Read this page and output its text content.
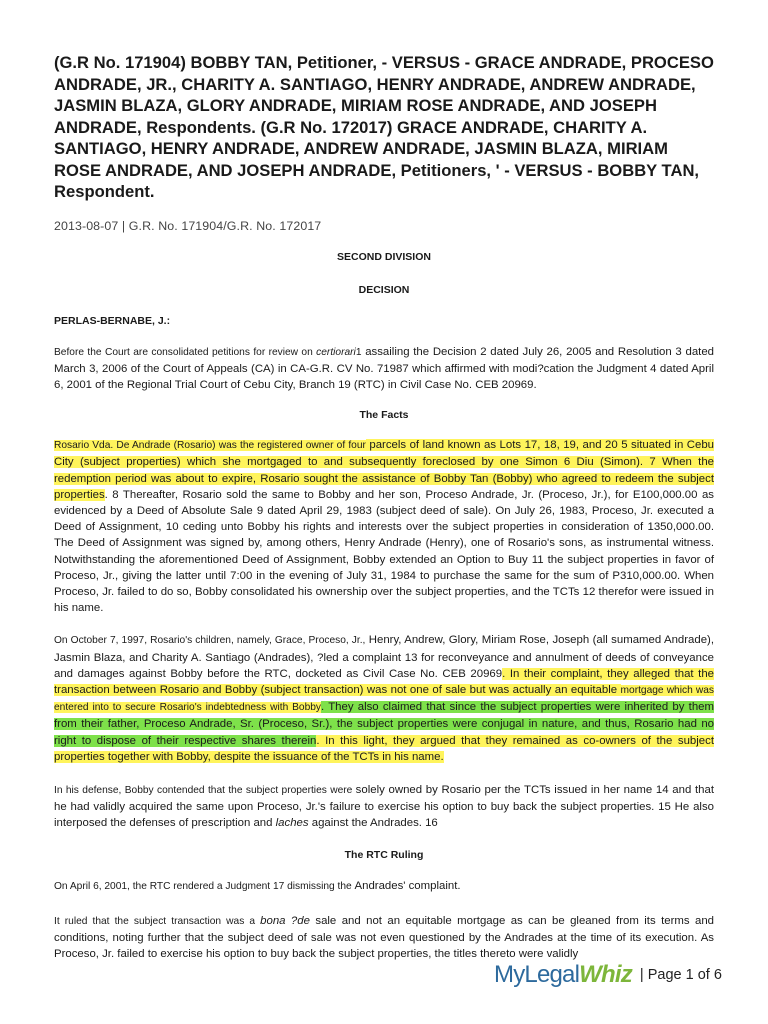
(G.R No. 171904) BOBBY TAN, Petitioner, - VERSUS - GRACE ANDRADE, PROCESO ANDRADE, JR., CHARITY A. SANTIAGO, HENRY ANDRADE, ANDREW ANDRADE, JASMIN BLAZA, GLORY ANDRADE, MIRIAM ROSE ANDRADE, AND JOSEPH ANDRADE, Respondents. (G.R No. 172017) GRACE ANDRADE, CHARITY A. SANTIAGO, HENRY ANDRADE, ANDREW ANDRADE, JASMIN BLAZA, MIRIAM ROSE ANDRADE, AND JOSEPH ANDRADE, Petitioners, ' - VERSUS - BOBBY TAN, Respondent.
2013-08-07 | G.R. No. 171904/G.R. No. 172017
SECOND DIVISION
DECISION
PERLAS-BERNABE, J.:

Before the Court are consolidated petitions for review on certiorari1 assailing the Decision 2 dated July 26, 2005 and Resolution 3 dated March 3, 2006 of the Court of Appeals (CA) in CA-G.R. CV No. 71987 which affirmed with modi?cation the Judgment 4 dated April 6, 2001 of the Regional Trial Court of Cebu City, Branch 19 (RTC) in Civil Case No. CEB 20969.

The Facts

Rosario Vda. De Andrade (Rosario) was the registered owner of four parcels of land known as Lots 17, 18, 19, and 20 5 situated in Cebu City (subject properties) which she mortgaged to and subsequently foreclosed by one Simon 6 Diu (Simon). 7 When the redemption period was about to expire, Rosario sought the assistance of Bobby Tan (Bobby) who agreed to redeem the subject properties. 8 Thereafter, Rosario sold the same to Bobby and her son, Proceso Andrade, Jr. (Proceso, Jr.), for E100,000.00 as evidenced by a Deed of Absolute Sale 9 dated April 29, 1983 (subject deed of sale). On July 26, 1983, Proceso, Jr. executed a Deed of Assignment, 10 ceding unto Bobby his rights and interests over the subject properties in consideration of 1350,000.00. The Deed of Assignment was signed by, among others, Henry Andrade (Henry), one of Rosario's sons, as instrumental witness. Notwithstanding the aforementioned Deed of Assignment, Bobby extended an Option to Buy 11 the subject properties in favor of Proceso, Jr., giving the latter until 7:00 in the evening of July 31, 1984 to purchase the same for the sum of P310,000.00. When Proceso, Jr. failed to do so, Bobby consolidated his ownership over the subject properties, and the TCTs 12 therefor were issued in his name.

On October 7, 1997, Rosario's children, namely, Grace, Proceso, Jr., Henry, Andrew, Glory, Miriam Rose, Joseph (all sumamed Andrade), Jasmin Blaza, and Charity A. Santiago (Andrades), ?led a complaint 13 for reconveyance and annulment of deeds of conveyance and damages against Bobby before the RTC, docketed as Civil Case No. CEB 20969. In their complaint, they alleged that the transaction between Rosario and Bobby (subject transaction) was not one of sale but was actually an equitable mortgage which was entered into to secure Rosario's indebtedness with Bobby. They also claimed that since the subject properties were inherited by them from their father, Proceso Andrade, Sr. (Proceso, Sr.), the subject properties were conjugal in nature, and thus, Rosario had no right to dispose of their respective shares therein. In this light, they argued that they remained as co-owners of the subject properties together with Bobby, despite the issuance of the TCTs in his name.

In his defense, Bobby contended that the subject properties were solely owned by Rosario per the TCTs issued in her name 14 and that he had validly acquired the same upon Proceso, Jr.'s failure to exercise his option to buy back the subject properties. 15 He also interposed the defenses of prescription and laches against the Andrades. 16

The RTC Ruling

On April 6, 2001, the RTC rendered a Judgment 17 dismissing the Andrades' complaint.

It ruled that the subject transaction was a bona ?de sale and not an equitable mortgage as can be gleaned from its terms and conditions, noting further that the subject deed of sale was not even questioned by the Andrades at the time of its execution. As Proceso, Jr. failed to exercise his option to buy back the subject properties, the titles thereto were validly

MyLegalWhiz | Page 1 of 6
